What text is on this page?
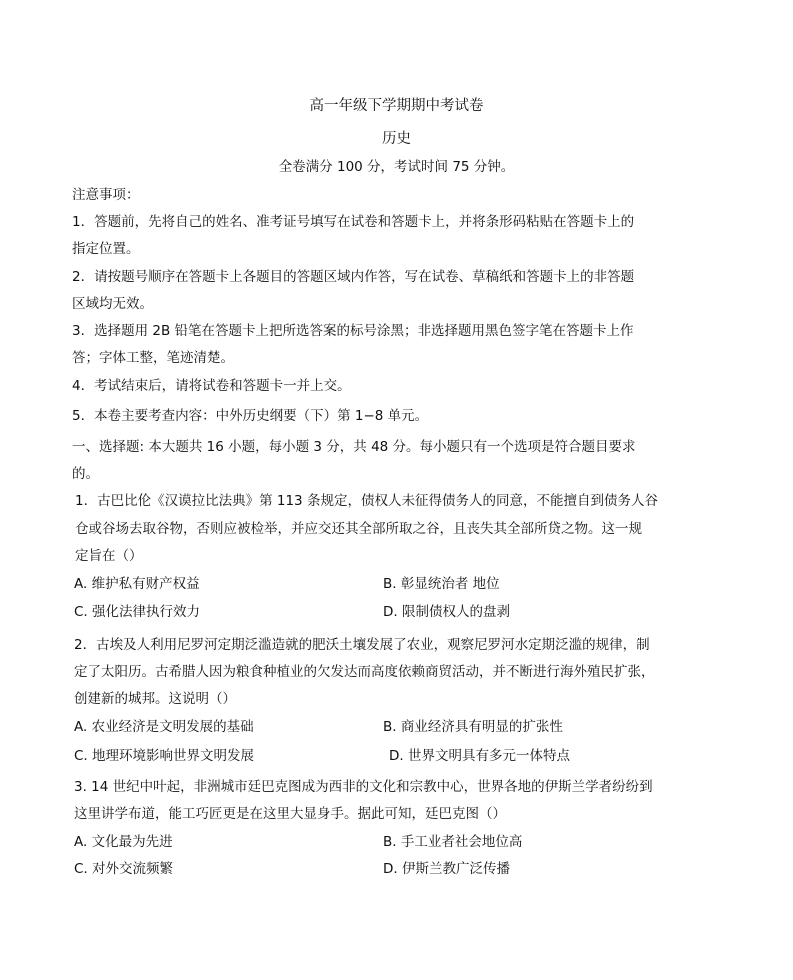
高一年级下学期期中考试卷
历史
全卷满分 100 分，考试时间 75 分钟。
注意事项：
1．答题前，先将自己的姓名、准考证号填写在试卷和答题卡上，并将条形码粘贴在答题卡上的
指定位置。
2．请按题号顺序在答题卡上各题目的答题区域内作答，写在试卷、草稿纸和答题卡上的非答题
区域均无效。
3．选择题用 2B 铅笔在答题卡上把所选答案的标号涂黑；非选择题用黑色签字笔在答题卡上作
答；字体工整，笔迹清楚。
4．考试结束后，请将试卷和答题卡一并上交。
5．本卷主要考查内容：中外历史纲要（下）第 1−8 单元。
一、选择题: 本大题共 16 小题，每小题 3 分，共 48 分。每小题只有一个选项是符合题目要求
的。
1．古巴比伦《汉谟拉比法典》第 113 条规定，债权人未征得债务人的同意，不能擅自到债务人谷
仓或谷场去取谷物，否则应被检举，并应交还其全部所取之谷，且丧失其全部所贷之物。这一规
定旨在（）
A. 维护私有财产权益	B. 彰显统治者 地位
C. 强化法律执行效力	D. 限制债权人的盘剥
2．古埃及人利用尼罗河定期泛滥造就的肥沃土壤发展了农业，观察尼罗河水定期泛滥的规律，制
定了太阳历。古希腊人因为粮食种植业的欠发达而高度依赖商贸活动，并不断进行海外殖民扩张，
创建新的城邦。这说明（）
A. 农业经济是文明发展的基础	B. 商业经济具有明显的扩张性
C. 地理环境影响世界文明发展	D. 世界文明具有多元一体特点
3. 14 世纪中叶起，非洲城市廷巴克图成为西非的文化和宗教中心，世界各地的伊斯兰学者纷纷到
这里讲学布道，能工巧匠更是在这里大显身手。据此可知，廷巴克图（）
A. 文化最为先进	B. 手工业者社会地位高
C. 对外交流频繁	D. 伊斯兰教广泛传播
